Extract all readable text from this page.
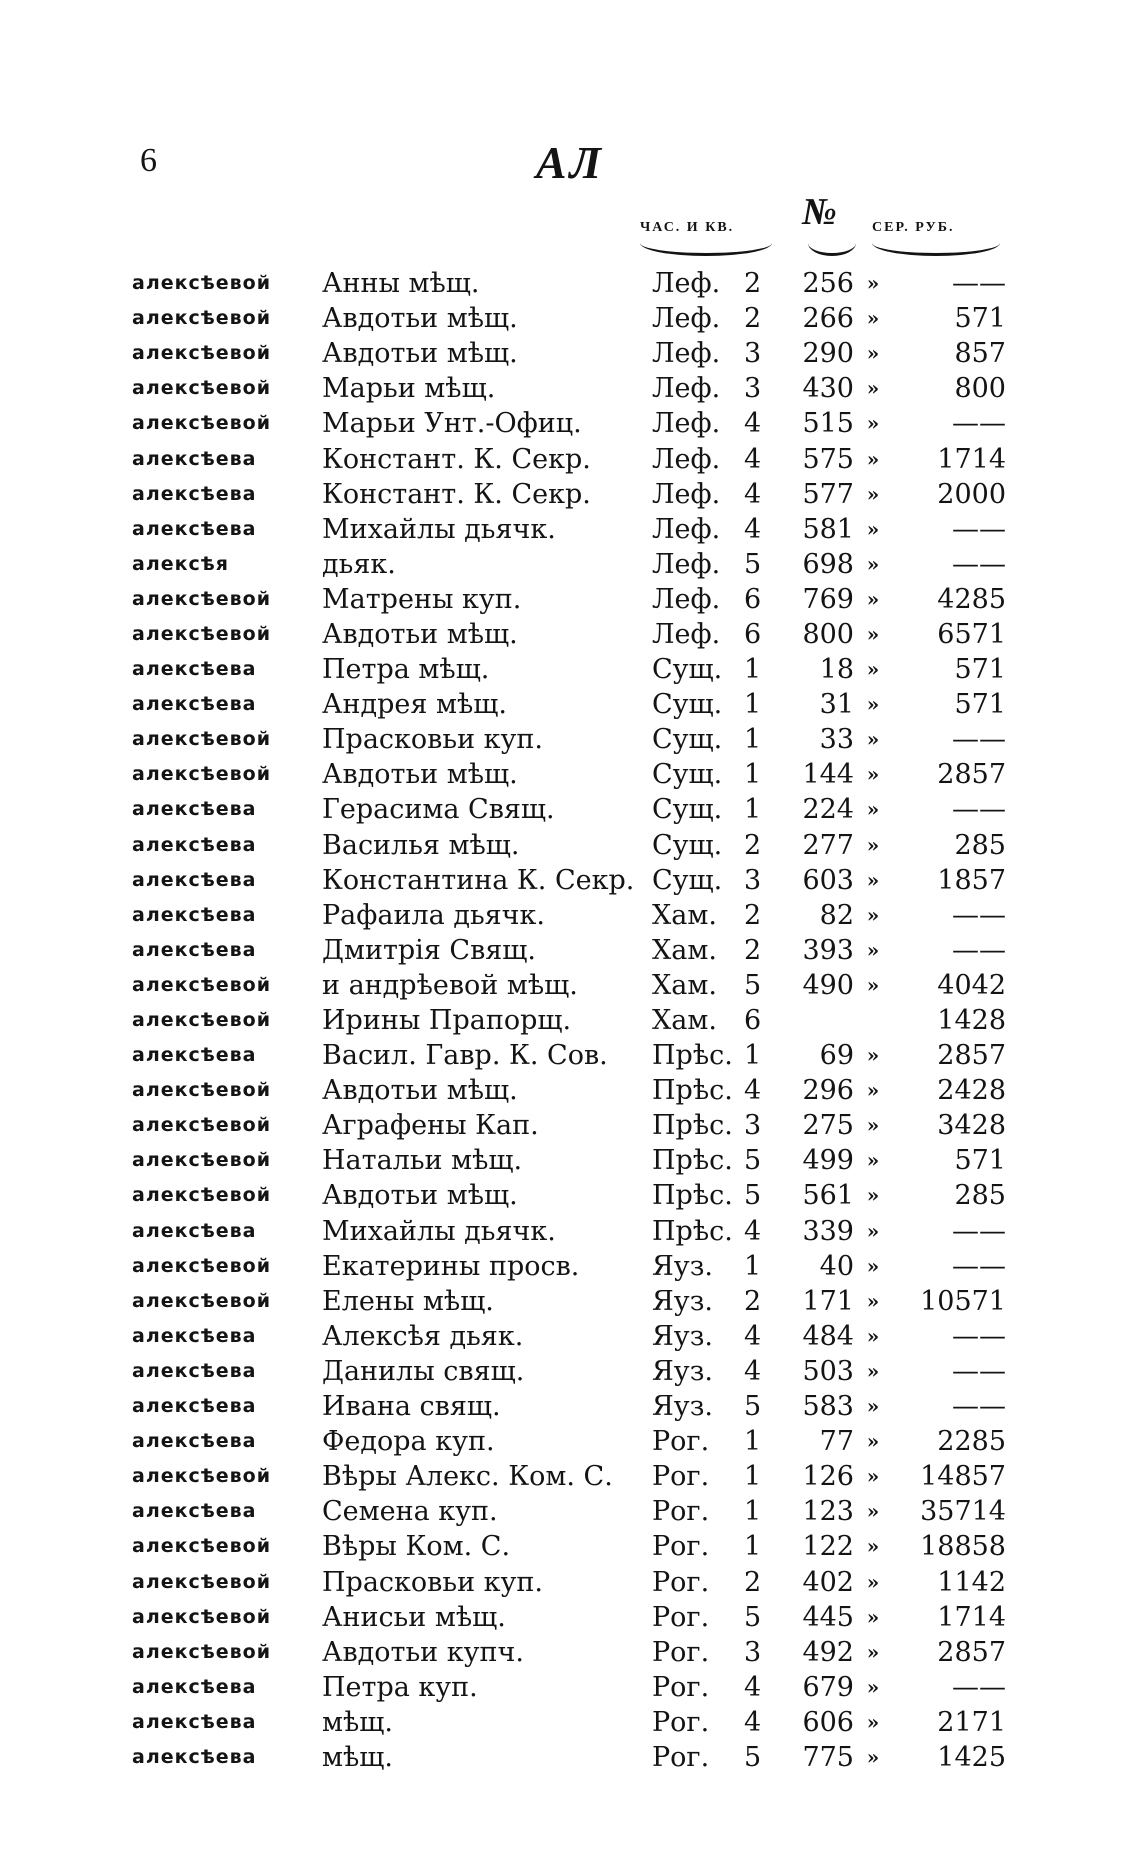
6	АЛ
ЧАС. И КВ. №	СЕР. РУБ.
алексѣевой	Анны мѣщ.	Леф.	2	256	»	——
алексѣевой	Авдотьи мѣщ.	Леф.	2	266	»	571
алексѣевой	Авдотьи мѣщ.	Леф.	3	290	»	857
алексѣевой	Марьи мѣщ.	Леф.	3	430	»	800
алексѣевой	Марьи Унт.-Офиц.	Леф.	4	515	»	——
алексѣева	Констант. К. Секр.	Леф.	4	575	»	1714
алексѣева	Констант. К. Секр.	Леф.	4	577	»	2000
алексѣева	Михайлы дьячк.	Леф.	4	581	»	——
алексѣя	дьяк.	Леф.	5	698	»	——
алексѣевой	Матрены куп.	Леф.	6	769	»	4285
алексѣевой	Авдотьи мѣщ.	Леф.	6	800	»	6571
алексѣева	Петра мѣщ.	Сущ.	1	18	»	571
алексѣева	Андрея мѣщ.	Сущ.	1	31	»	571
алексѣевой	Прасковьи куп.	Сущ.	1	33	»	——
алексѣевой	Авдотьи мѣщ.	Сущ.	1	144	»	2857
алексѣева	Герасима Свящ.	Сущ.	1	224	»	——
алексѣева	Василья мѣщ.	Сущ.	2	277	»	285
алексѣева	Константина К. Секр.	Сущ.	3	603	»	1857
алексѣева	Рафаила дьячк.	Хам.	2	82	»	——
алексѣева	Дмитрія Свящ.	Хам.	2	393	»	——
алексѣевой	и андрѣевой мѣщ.	Хам.	5	490	»	4042
алексѣевой	Ирины Прапорщ.	Хам.	6			1428
алексѣева	Васил. Гавр. К. Сов.	Прѣс.	1	69	»	2857
алексѣевой	Авдотьи мѣщ.	Прѣс.	4	296	»	2428
алексѣевой	Аграфены Кап.	Прѣс.	3	275	»	3428
алексѣевой	Натальи мѣщ.	Прѣс.	5	499	»	571
алексѣевой	Авдотьи мѣщ.	Прѣс.	5	561	»	285
алексѣева	Михайлы дьячк.	Прѣс.	4	339	»	——
алексѣевой	Екатерины просв.	Яуз.	1	40	»	——
алексѣевой	Елены мѣщ.	Яуз.	2	171	»	10571
алексѣева	Алексѣя дьяк.	Яуз.	4	484	»	——
алексѣева	Данилы свящ.	Яуз.	4	503	»	——
алексѣева	Ивана свящ.	Яуз.	5	583	»	——
алексѣева	Федора куп.	Рог.	1	77	»	2285
алексѣевой	Вѣры Алекс. Ком. С.	Рог.	1	126	»	14857
алексѣева	Семена куп.	Рог.	1	123	»	35714
алексѣевой	Вѣры Ком. С.	Рог.	1	122	»	18858
алексѣевой	Прасковьи куп.	Рог.	2	402	»	1142
алексѣевой	Анисьи мѣщ.	Рог.	5	445	»	1714
алексѣевой	Авдотьи купч.	Рог.	3	492	»	2857
алексѣева	Петра куп.	Рог.	4	679	»	——
алексѣева	мѣщ.	Рог.	4	606	»	2171
алексѣева	мѣщ.	Рог.	5	775	»	1425
